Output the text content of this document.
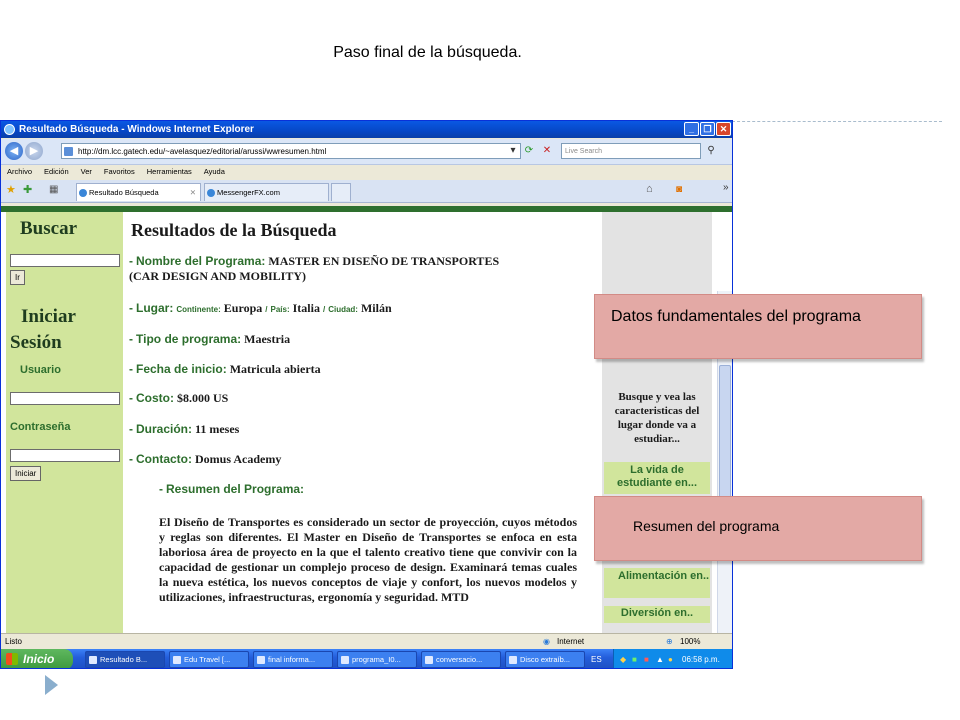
Paso final de la búsqueda.
Resultado Búsqueda - Windows Internet Explorer	_	❐ ✕
◀	▶	http://dm.lcc.gatech.edu/~avelasquez/editorial/arussi/wwresumen.html	▾ ⟳ ✕	Live Search	⚲
Archivo Edición Ver Favoritos Herramientas Ayuda
★ ✚ ▦	Resultado Búsqueda	✕	MessengerFX.com	⌂ ◙	»
Buscar
Ir
Iniciar
Sesión
Usuario
Contraseña
Iniciar
Resultados de la Búsqueda
- Nombre del Programa: MASTER EN DISEÑO DE TRANSPORTES
(CAR DESIGN AND MOBILITY)
- Lugar: Continente: Europa / País: Italia / Ciudad: Milán
- Tipo de programa: Maestria
- Fecha de inicio: Matricula abierta
- Costo: $8.000 US
- Duración: 11 meses
- Contacto: Domus Academy
- Resumen del Programa:
El Diseño de Transportes es considerado un sector de proyección, cuyos métodos y reglas son diferentes. El Master en Diseño de Transportes se enfoca en esta laboriosa área de proyecto en la que el talento creativo tiene que convivir con la capacidad de gestionar un complejo proceso de design. Examinará temas cuales la nueva estética, los nuevos conceptos de viaje y confort, los nuevos modelos y utilizaciones, infraestructuras, ergonomía y seguridad. MTD
Busque y vea las caracteristicas del lugar donde va a estudiar...
La vida de estudiante en...
Alimentación en..
Diversión en..
Listo	◉ Internet	⊕ 100%
Inicio	Resultado B...	Edu Travel [...	final informa...	programa_I0...	conversacio...	Disco extraíb...	ES ◆ ■ ■ ▲ ● 06:58 p.m.
Datos fundamentales del programa
Resumen del programa
